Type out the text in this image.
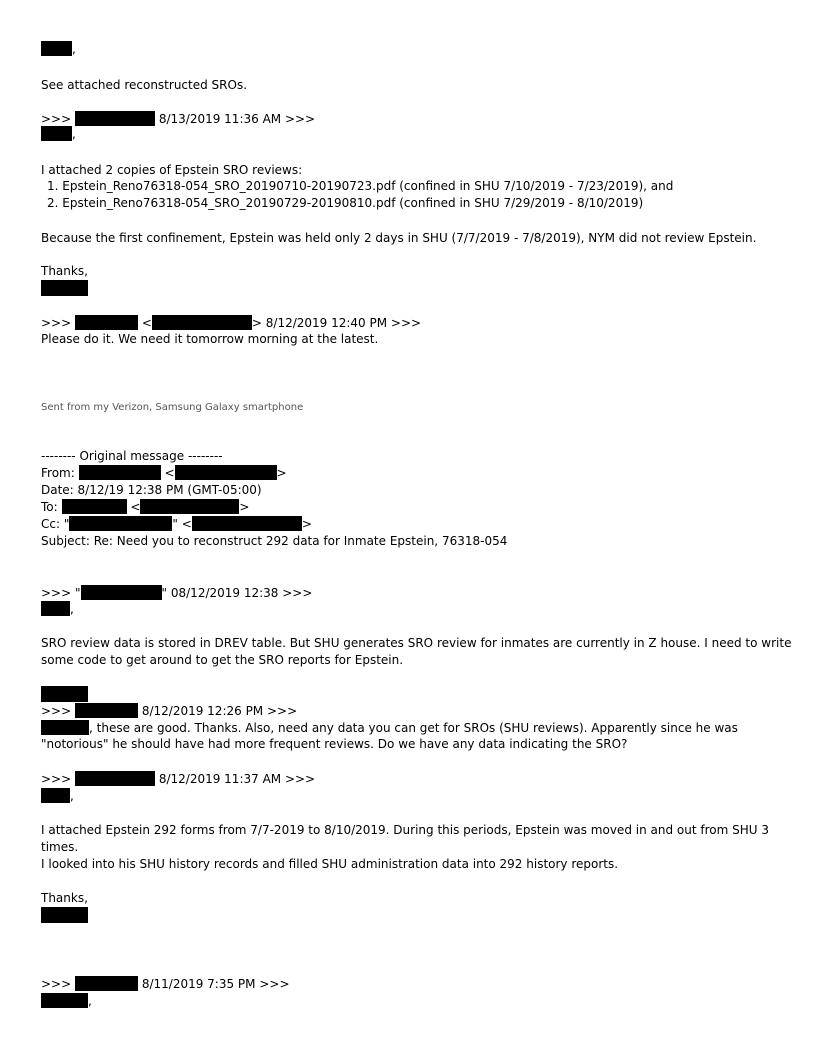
,
See attached reconstructed SROs.
>>>	8/13/2019 11:36 AM >>>
,
I attached 2 copies of Epstein SRO reviews:
1. Epstein_Reno76318-054_SRO_20190710-20190723.pdf (confined in SHU 7/10/2019 - 7/23/2019), and
2. Epstein_Reno76318-054_SRO_20190729-20190810.pdf (confined in SHU 7/29/2019 - 8/10/2019)
Because the first confinement, Epstein was held only 2 days in SHU (7/7/2019 - 7/8/2019), NYM did not review Epstein.
Thanks,
>>>	<	> 8/12/2019 12:40 PM >>>
Please do it. We need it tomorrow morning at the latest.
Sent from my Verizon, Samsung Galaxy smartphone
-------- Original message --------
From:	<	>
Date: 8/12/19 12:38 PM (GMT-05:00)
To:	<	>
Cc: "	" <	>
Subject: Re: Need you to reconstruct 292 data for Inmate Epstein, 76318-054
>>> "	" 08/12/2019 12:38 >>>
,
SRO review data is stored in DREV table. But SHU generates SRO review for inmates are currently in Z house. I need to write
some code to get around to get the SRO reports for Epstein.
>>>	8/12/2019 12:26 PM >>>
, these are good. Thanks. Also, need any data you can get for SROs (SHU reviews). Apparently since he was
"notorious" he should have had more frequent reviews. Do we have any data indicating the SRO?
>>>	8/12/2019 11:37 AM >>>
,
I attached Epstein 292 forms from 7/7-2019 to 8/10/2019. During this periods, Epstein was moved in and out from SHU 3
times.
I looked into his SHU history records and filled SHU administration data into 292 history reports.
Thanks,
>>>	8/11/2019 7:35 PM >>>
,
